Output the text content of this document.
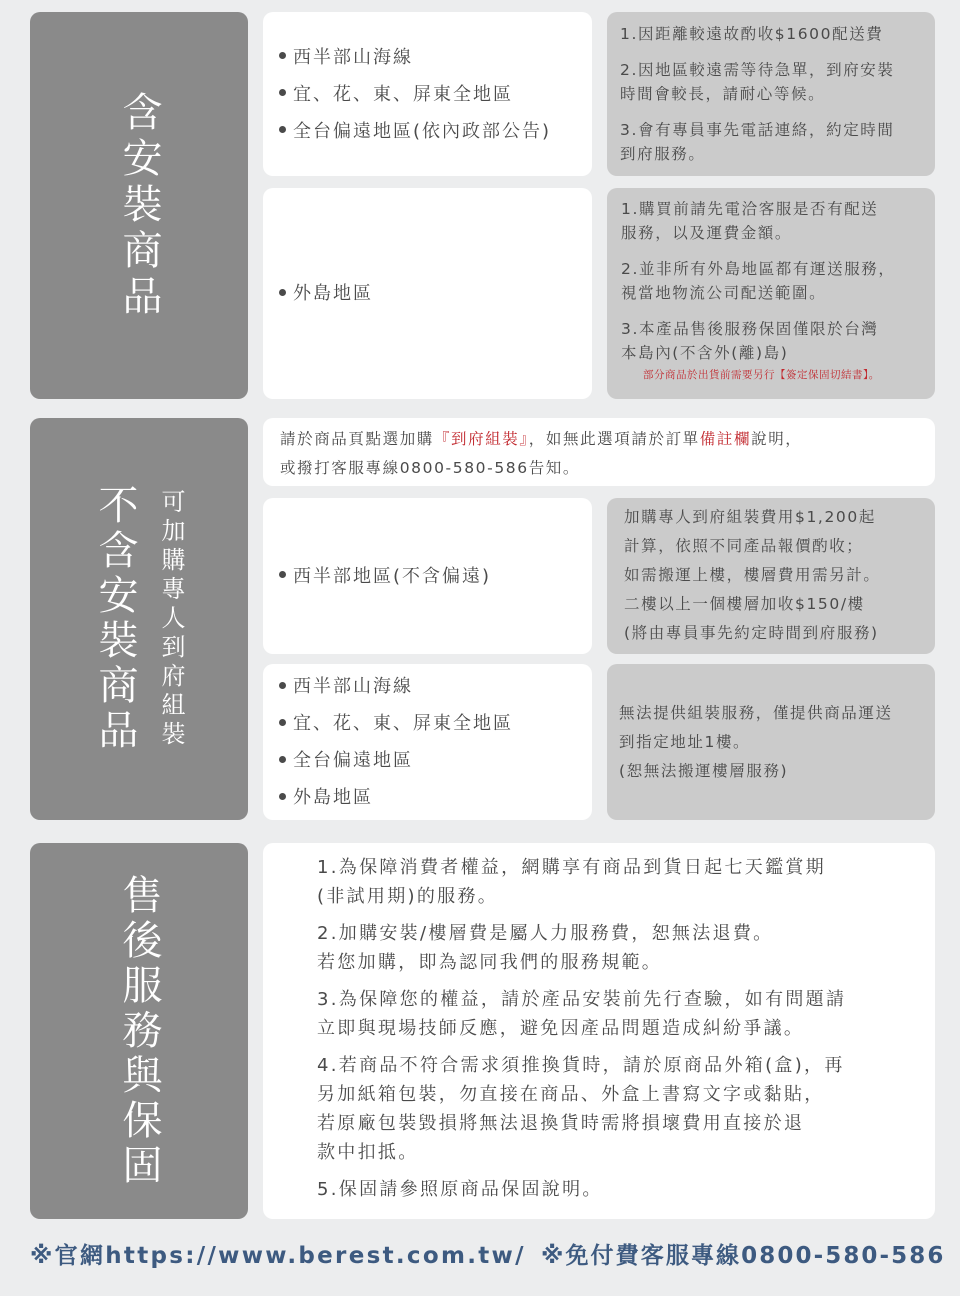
含安裝商品
西半部山海線
宜、花、東、屏東全地區
全台偏遠地區(依內政部公告)
1.因距離較遠故酌收$1600配送費
2.因地區較遠需等待急單，到府安裝
時間會較長，請耐心等候。
3.會有專員事先電話連絡，約定時間
到府服務。
外島地區
1.購買前請先電洽客服是否有配送
服務，以及運費金額。
2.並非所有外島地區都有運送服務，
視當地物流公司配送範圍。
3.本產品售後服務保固僅限於台灣
本島內(不含外(離)島)
部分商品於出貨前需要另行【簽定保固切結書】。
不含安裝商品 可加購專人到府組裝
請於商品頁點選加購『到府組裝』，如無此選項請於訂單備註欄說明，
或撥打客服專線0800-580-586告知。
西半部地區(不含偏遠)
加購專人到府組裝費用$1,200起
計算，依照不同產品報價酌收；
如需搬運上樓，樓層費用需另計。
二樓以上一個樓層加收$150/樓
(將由專員事先約定時間到府服務)
西半部山海線
宜、花、東、屏東全地區
全台偏遠地區
外島地區
無法提供組裝服務，僅提供商品運送
到指定地址1樓。
(恕無法搬運樓層服務)
售後服務與保固
1.為保障消費者權益，網購享有商品到貨日起七天鑑賞期
(非試用期)的服務。
2.加購安裝/樓層費是屬人力服務費，恕無法退費。
若您加購，即為認同我們的服務規範。
3.為保障您的權益，請於產品安裝前先行查驗，如有問題請
立即與現場技師反應，避免因產品問題造成糾紛爭議。
4.若商品不符合需求須推換貨時，請於原商品外箱(盒)，再
另加紙箱包裝，勿直接在商品、外盒上書寫文字或黏貼，
若原廠包裝毀損將無法退換貨時需將損壞費用直接於退
款中扣抵。
5.保固請參照原商品保固說明。
※官網https://www.berest.com.tw/ ※免付費客服專線0800-580-586
